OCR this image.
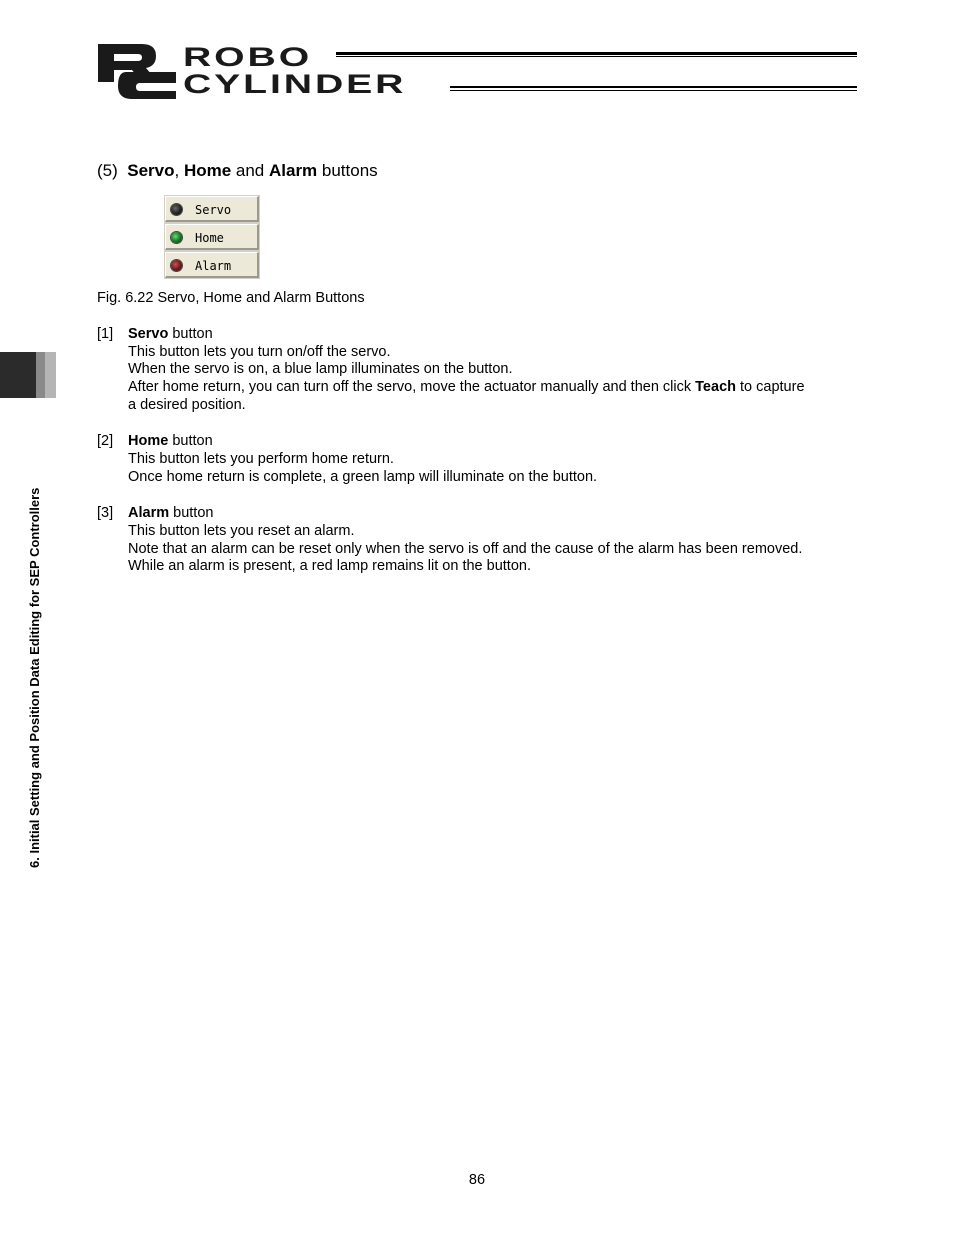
ROBO
CYLINDER
6. Initial Setting and Position Data Editing for SEP Controllers
(5) Servo, Home and Alarm buttons
Servo
Home
Alarm
Fig. 6.22 Servo, Home and Alarm Buttons
[1] Servo button
This button lets you turn on/off the servo.
When the servo is on, a blue lamp illuminates on the button.
After home return, you can turn off the servo, move the actuator manually and then click Teach to capture
a desired position.
[2] Home button
This button lets you perform home return.
Once home return is complete, a green lamp will illuminate on the button.
[3] Alarm button
This button lets you reset an alarm.
Note that an alarm can be reset only when the servo is off and the cause of the alarm has been removed.
While an alarm is present, a red lamp remains lit on the button.
86
